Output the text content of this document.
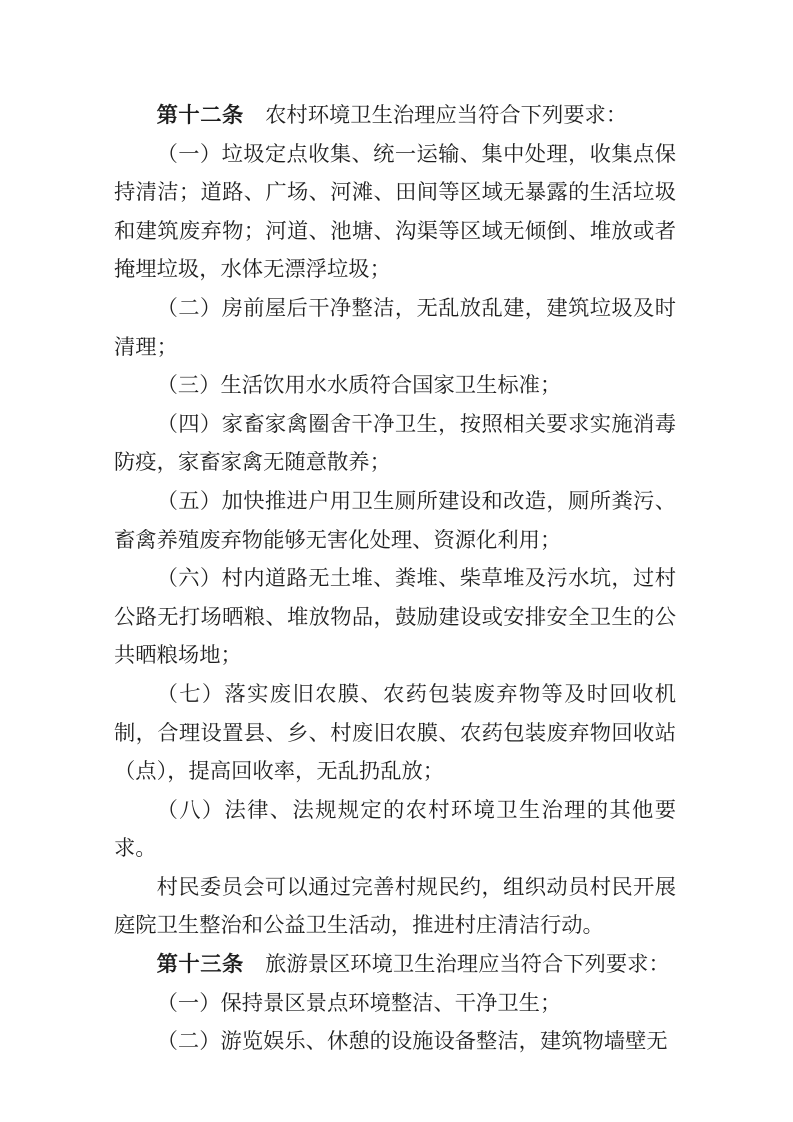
第十二条　农村环境卫生治理应当符合下列要求：

（一）垃圾定点收集、统一运输、集中处理，收集点保持清洁；道路、广场、河滩、田间等区域无暴露的生活垃圾和建筑废弃物；河道、池塘、沟渠等区域无倾倒、堆放或者掩埋垃圾，水体无漂浮垃圾；

（二）房前屋后干净整洁，无乱放乱建，建筑垃圾及时清理；

（三）生活饮用水水质符合国家卫生标准；

（四）家畜家禽圈舍干净卫生，按照相关要求实施消毒防疫，家畜家禽无随意散养；

（五）加快推进户用卫生厕所建设和改造，厕所粪污、畜禽养殖废弃物能够无害化处理、资源化利用；

（六）村内道路无土堆、粪堆、柴草堆及污水坑，过村公路无打场晒粮、堆放物品，鼓励建设或安排安全卫生的公共晒粮场地；

（七）落实废旧农膜、农药包装废弃物等及时回收机制，合理设置县、乡、村废旧农膜、农药包装废弃物回收站（点），提高回收率，无乱扔乱放；

（八）法律、法规规定的农村环境卫生治理的其他要求。

村民委员会可以通过完善村规民约，组织动员村民开展庭院卫生整治和公益卫生活动，推进村庄清洁行动。

第十三条　旅游景区环境卫生治理应当符合下列要求：

（一）保持景区景点环境整洁、干净卫生；

（二）游览娱乐、休憩的设施设备整洁，建筑物墙壁无
